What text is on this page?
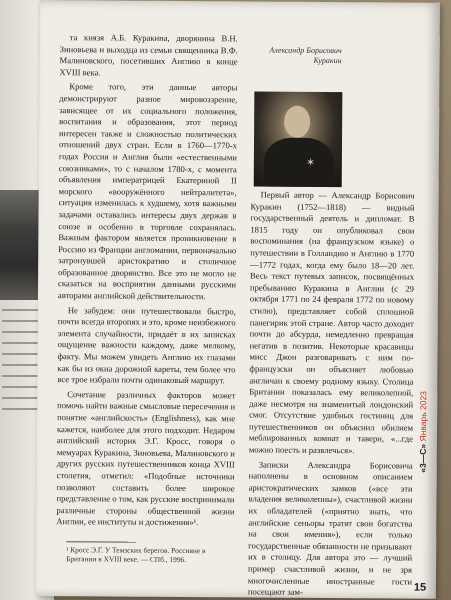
та князя А.Б. Куракина, дворянина В.Н. Зиновьева и выходца из семьи священника В.Ф. Малиновского, посетивших Англию в конце XVIII века.

Кроме того, эти данные авторы демонстрируют разное мировоззрение, зависящее от их социального положения, воспитания и образования, этот период интересен также и сложностью политических отношений двух стран. Если в 1760—1770-х годах Россия и Англия были «естественными союзниками», то с началом 1780-х, с момента объявления императрицей Екатериной II морского «вооружённого нейтралитета», ситуация изменилась к худшему, хотя важными задачами оставались интересы двух держав в союзе и особенно в торговле сохранялась. Важным фактором является проникновение в Россию из Франции англомании, первоначально затронувшей аристократию и столичное образованное дворянство. Все это не могло не сказаться на восприятии данными русскими авторами английской действительности.

Не забудем: они путешествовали быстро, почти всегда второпях и это, кроме неизбежного элемента случайности, придаёт в их записках ощущение важности каждому, даже мелкому, факту. Мы можем увидеть Англию их глазами как бы из окна дорожной кареты, тем более что все трое избрали почти одинаковый маршрут.

Сочетание различных факторов может помочь найти важные смысловые пересечения и понятие «английскость» (Englishness), как мне кажется, наиболее для этого подходит. Недаром английский историк Э.Г. Кросс, говоря о мемуарах Куракина, Зиновьева, Малиновского и других русских путешественников конца XVIII столетия, отметил: «Подобные источники позволяют составить более широкое представление о том, как русские воспринимали различные стороны общественной жизни Англии, ее институты и достижения»¹.

Александр Борисович Куракин
✶

Первый автор — Александр Борисович Куракин (1752—1818) — видный государственный деятель и дипломат. В 1815 году он опубликовал свои воспоминания (на французском языке) о путешествии в Голландию и Англию в 1770—1772 годах, когда ему было 18—20 лет. Весь текст путевых записок, посвящённых пребыванию Куракина в Англии (с 29 октября 1771 по 24 февраля 1772 по новому стилю), представляет собой сплошной панегирик этой стране. Автор часто доходит почти до абсурда, немедленно превращая негатив в позитив. Некоторые красавицы мисс Джон разговаривать с ним по-французски он объясняет любовью англичан к своему родному языку. Столица Британии показалась ему великолепной, даже несмотря на знаменитый лондонский смог. Отсутствие удобных гостиниц для путешественников он объяснил обилием меблированных комнат и таверн, «...где можно поесть и развлечься».

Записки Александра Борисовича наполнены в основном описанием аристократических замков («все эти владения великолепны»), счастливой жизни их обладателей («приятно знать, что английские сеньоры тратят свои богатства на свои имения»), если только государственные обязанности не призывают их в столицу. Для автора это — лучший пример счастливой жизни, и не зря многочисленные иностранные гости посещают зам-

¹ Кросс Э.Г. У Темзских берегов. Россияне в Британии в XVIII веке. — СПб., 1996.
«3—С» Январь 2023
15
